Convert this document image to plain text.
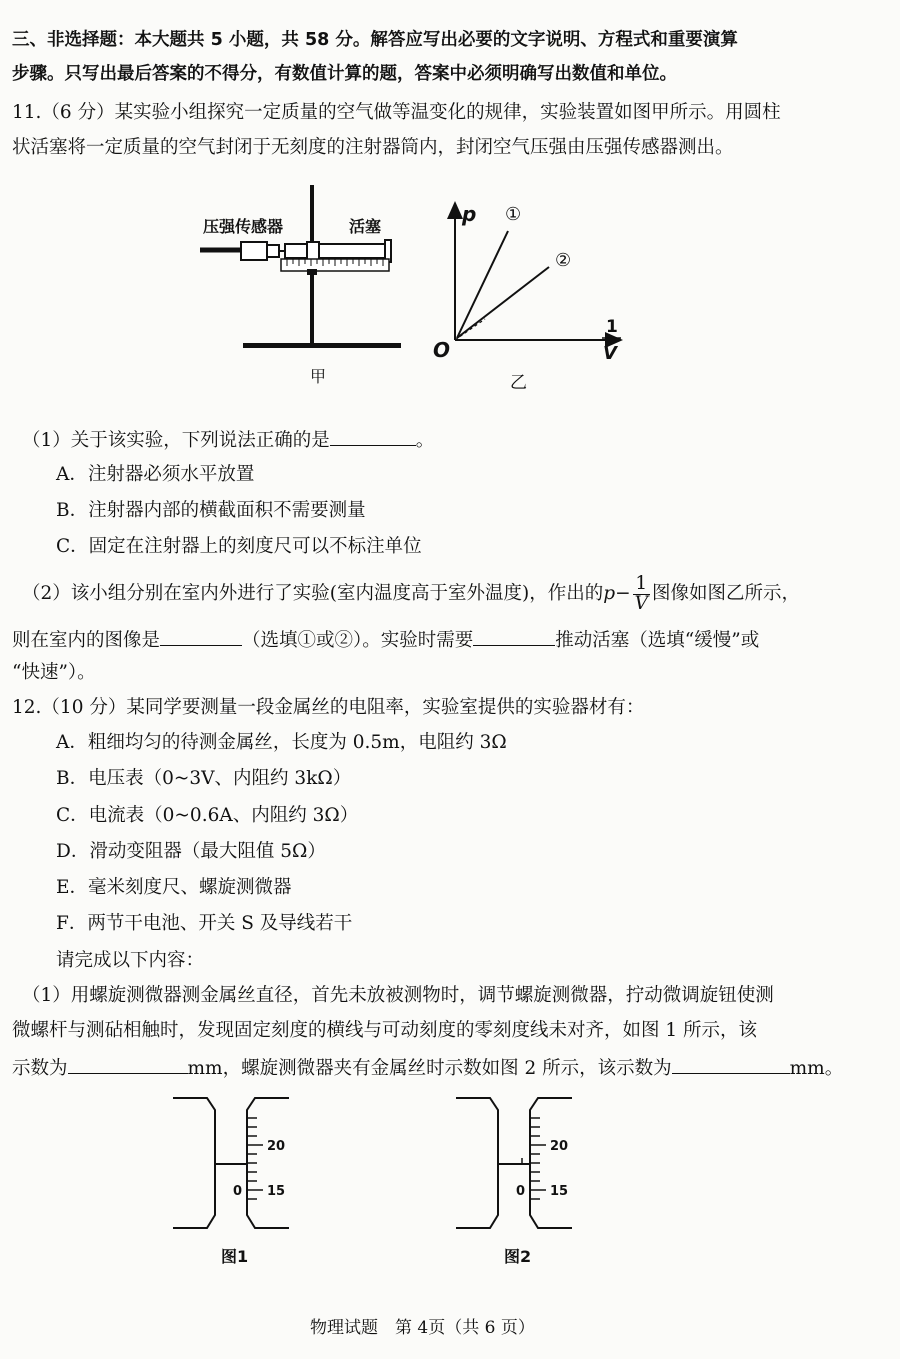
三、非选择题：本大题共 5 小题，共 58 分。解答应写出必要的文字说明、方程式和重要演算
步骤。只写出最后答案的不得分，有数值计算的题，答案中必须明确写出数值和单位。
11.（6 分）某实验小组探究一定质量的空气做等温变化的规律，实验装置如图甲所示。用圆柱
状活塞将一定质量的空气封闭于无刻度的注射器筒内，封闭空气压强由压强传感器测出。
压强传感器	活塞
甲
p ①
②
O
1
V
乙
（1）关于该实验，下列说法正确的是	。
A．注射器必须水平放置
B．注射器内部的横截面积不需要测量
C．固定在注射器上的刻度尺可以不标注单位
（2）该小组分别在室内外进行了实验(室内温度高于室外温度)，作出的$p- \frac{1}{V}$ 图像如图乙所示，
则在室内的图像是	（选填①或②）。实验时需要	推动活塞（选填“缓慢”或
“快速”）。
12.（10 分）某同学要测量一段金属丝的电阻率，实验室提供的实验器材有：
A．粗细均匀的待测金属丝，长度为 0.5m，电阻约 3Ω
B．电压表（0~3V、内阻约 3kΩ）
C．电流表（0~0.6A、内阻约 3Ω）
D．滑动变阻器（最大阻值 5Ω）
E．毫米刻度尺、螺旋测微器
F．两节干电池、开关 S 及导线若干
请完成以下内容：
（1）用螺旋测微器测金属丝直径，首先未放被测物时，调节螺旋测微器，拧动微调旋钮使测
微螺杆与测砧相触时，发现固定刻度的横线与可动刻度的零刻度线未对齐，如图 1 所示，该
示数为	mm，螺旋测微器夹有金属丝时示数如图 2 所示，该示数为	mm。
20
15
0
图1
20
15
0
图2
物理试题　第 4页（共 6 页）
